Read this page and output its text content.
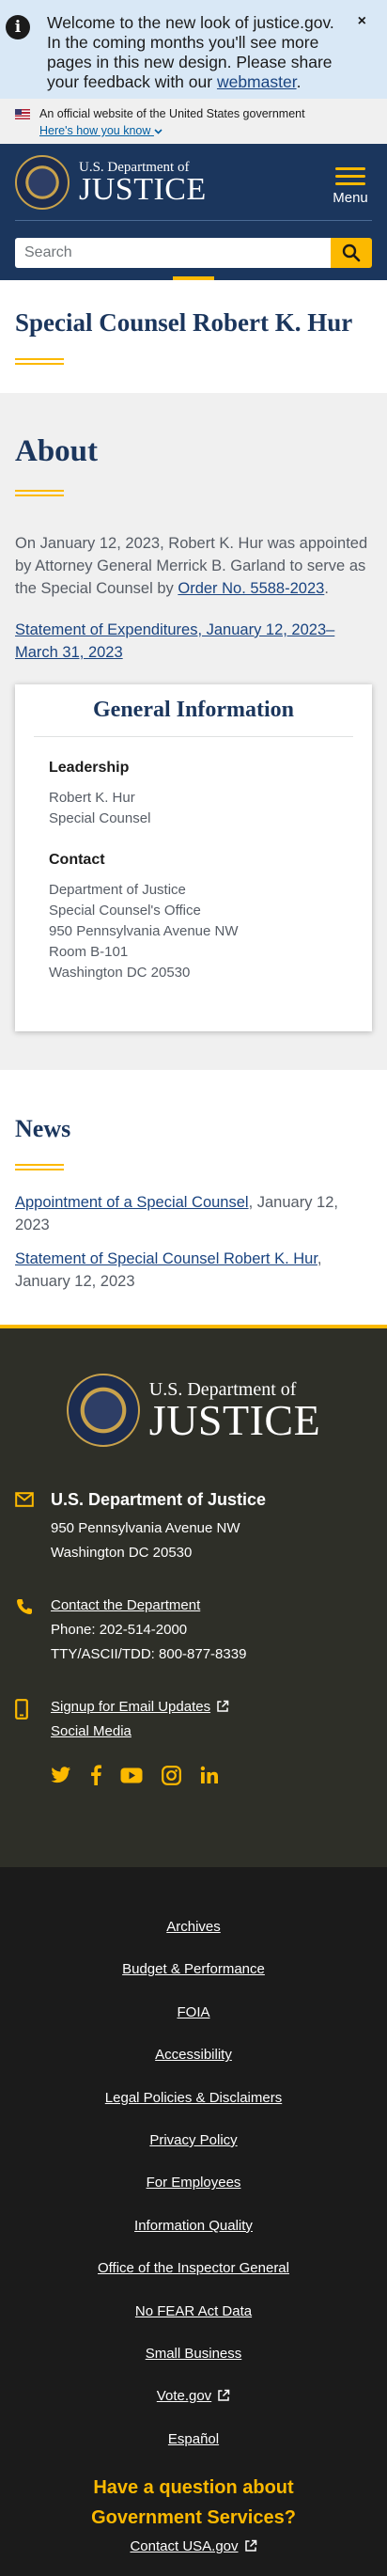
i	Welcome to the new look of justice.gov. In the coming months you'll see more pages in this new design. Please share your feedback with our webmaster.

×
An official website of the United States government
Here's how you know
U.S. Department of
JUSTICE	Menu
Search
Special Counsel Robert K. Hur
About

On January 12, 2023, Robert K. Hur was appointed by Attorney General Merrick B. Garland to serve as the Special Counsel by Order No. 5588-2023.

Statement of Expenditures, January 12, 2023–March 31, 2023
General Information
Leadership
Robert K. Hur
Special Counsel
Contact
Department of Justice
Special Counsel's Office
950 Pennsylvania Avenue NW
Room B-101
Washington DC 20530
News

Appointment of a Special Counsel, January 12, 2023

Statement of Special Counsel Robert K. Hur, January 12, 2023

U.S. Department of
JUSTICE
U.S. Department of Justice
950 Pennsylvania Avenue NW
Washington DC 20530
Contact the Department
Phone: 202-514-2000
TTY/ASCII/TDD: 800-877-8339
Signup for Email Updates
Social Media
Archives
Budget & Performance
FOIA
Accessibility
Legal Policies & Disclaimers
Privacy Policy
For Employees
Information Quality
Office of the Inspector General
No FEAR Act Data
Small Business
Vote.gov
Español

Have a question about Government Services?

Contact USA.gov
